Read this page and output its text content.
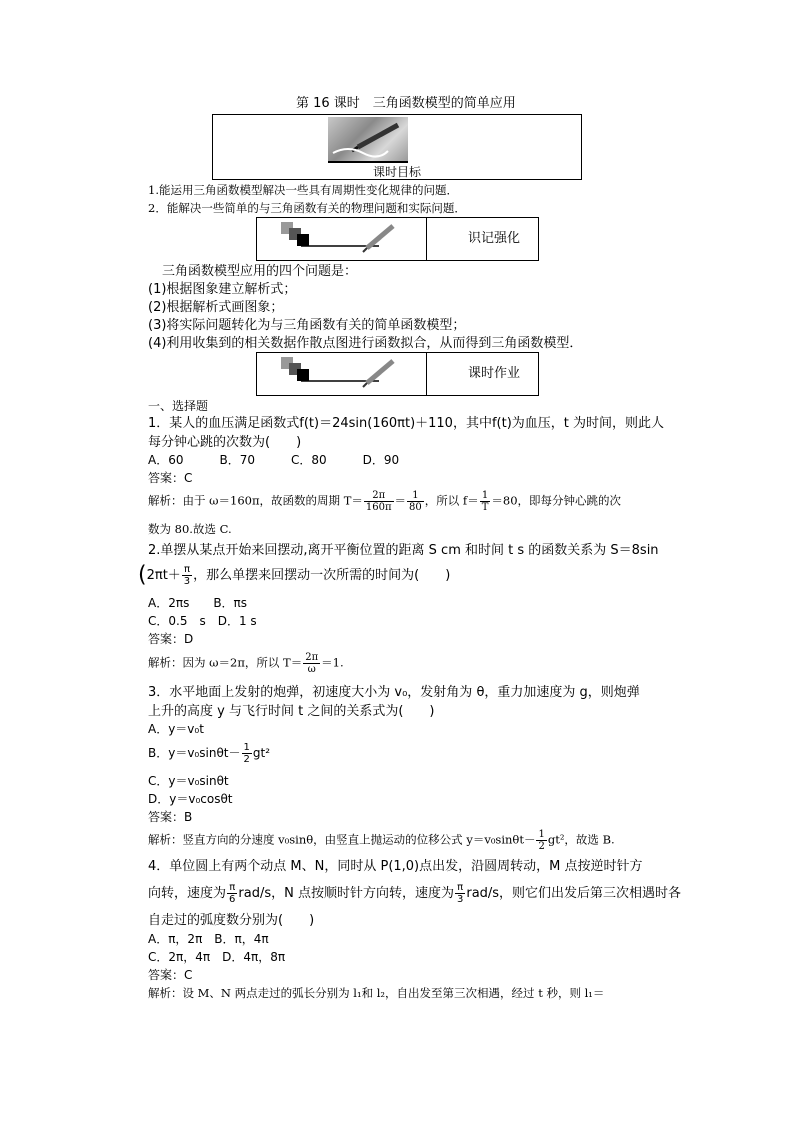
第 16 课时　三角函数模型的简单应用
课时目标
1.能运用三角函数模型解决一些具有周期性变化规律的问题．
2．能解决一些简单的与三角函数有关的物理问题和实际问题．
识记强化
三角函数模型应用的四个问题是：
(1)根据图象建立解析式；
(2)根据解析式画图象；
(3)将实际问题转化为与三角函数有关的简单函数模型；
(4)利用收集到的相关数据作散点图进行函数拟合，从而得到三角函数模型．
课时作业
一、选择题
1．某人的血压满足函数式f(t)＝24sin(160πt)＋110，其中f(t)为血压，t 为时间，则此人
每分钟心跳的次数为(　　)
A．60　　　B．70　　　C．80　　　D．90
答案：C
解析：由于 ω＝160π，故函数的周期 $T= \frac{2\pi}{160\pi} = \frac{1}{80}$ ，所以 $f= \frac{1}{T} =80$，即每分钟心跳的次
数为 80.故选 C.
2.单摆从某点开始来回摆动,离开平衡位置的距离 S cm 和时间 t s 的函数关系为 S＝8sin
($2\pi t+ \frac{\pi}{3}$ ，那么单摆来回摆动一次所需的时间为(　　)
A．2πs　　B．πs
C．0.5　s　D．1 s
答案：D
解析：因为 ω＝2π，所以 $T= \frac{2\pi}{\omega} =1$.
3．水平地面上发射的炮弹，初速度大小为 v₀，发射角为 θ，重力加速度为 g，则炮弹
上升的高度 y 与飞行时间 t 之间的关系式为(　　)
A．y＝v₀t
B．$y=v_0\sin\theta t- \frac{1}{2} gt^2$
C．y＝v₀sinθt
D．y＝v₀cosθt
答案：B
解析：竖直方向的分速度 v₀sinθ，由竖直上抛运动的位移公式 $y=v_0\sin\theta t- \frac{1}{2} gt^2$，故选 B.
4．单位圆上有两个动点 M、N，同时从 P(1,0)点出发，沿圆周转动，M 点按逆时针方
向转，速度为 $\frac{\pi}{6} rad/s$，N 点按顺时针方向转，速度为 $\frac{\pi}{3} rad/s$，则它们出发后第三次相遇时各
自走过的弧度数分别为(　　)
A．π，2π　B．π，4π
C．2π，4π　D．4π，8π
答案：C
解析：设 M、N 两点走过的弧长分别为 l₁和 l₂，自出发至第三次相遇，经过 t 秒，则 l₁＝
